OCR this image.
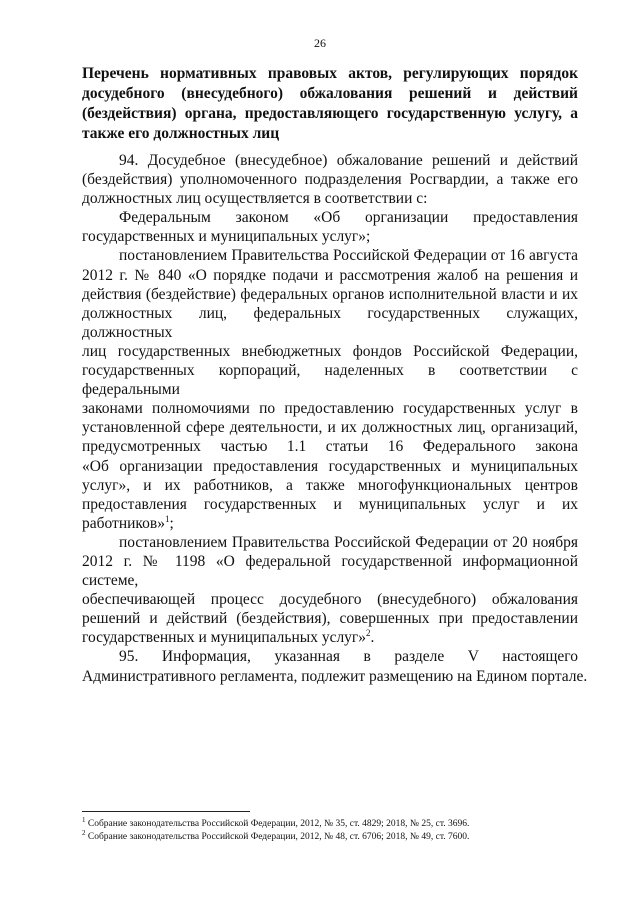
26
Перечень нормативных правовых актов, регулирующих порядок
досудебного (внесудебного) обжалования решений и действий
(бездействия) органа, предоставляющего государственную услугу, а
также его должностных лиц
94. Досудебное (внесудебное) обжалование решений и действий
(бездействия) уполномоченного подразделения Росгвардии, а также его
должностных лиц осуществляется в соответствии с:
Федеральным законом «Об организации предоставления
государственных и муниципальных услуг»;
постановлением Правительства Российской Федерации от 16 августа
2012 г. № 840 «О порядке подачи и рассмотрения жалоб на решения и
действия (бездействие) федеральных органов исполнительной власти и их
должностных лиц, федеральных государственных служащих, должностных
лиц государственных внебюджетных фондов Российской Федерации,
государственных корпораций, наделенных в соответствии с федеральными
законами полномочиями по предоставлению государственных услуг в
установленной сфере деятельности, и их должностных лиц, организаций,
предусмотренных частью 1.1 статьи 16 Федерального закона
«Об организации предоставления государственных и муниципальных
услуг», и их работников, а также многофункциональных центров
предоставления государственных и муниципальных услуг и их
работников»$^1$;
постановлением Правительства Российской Федерации от 20 ноября
2012 г. № 1198 «О федеральной государственной информационной системе,
обеспечивающей процесс досудебного (внесудебного) обжалования
решений и действий (бездействия), совершенных при предоставлении
государственных и муниципальных услуг»$^2$.
95. Информация, указанная в разделе V настоящего
Административного регламента, подлежит размещению на Едином портале.
$^1$ Собрание законодательства Российской Федерации, 2012, № 35, ст. 4829; 2018, № 25, ст. 3696.
$^2$ Собрание законодательства Российской Федерации, 2012, № 48, ст. 6706; 2018, № 49, ст. 7600.
